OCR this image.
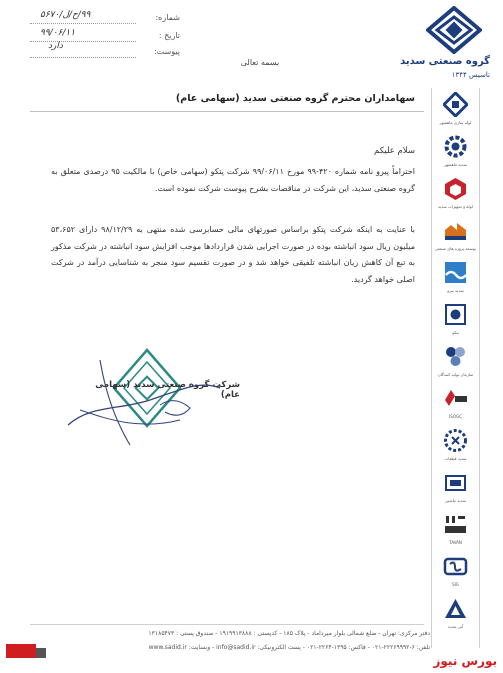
شماره:
۹۹/ح/ل/۵۶۷۰
تاریخ :
۹۹/۰۶/۱۱
پیوست:
دارد
بسمه تعالی	گروه صنعتی سدید
تاسیس ۱۳۴۴
لوله سازی ماهشهر
سدید ماهشهر
لوله و تجهیزات سدید
توسعه پروژه های صنعتی
سدید نیرو
پتکو
سازمان تولید کنندگان
ISOGC
سدید قطعات
سدید ماشین
TAVAN
SIG
آتی سدید
سهامداران محترم گروه صنعتی سدید (سهامی عام)
سلام علیکم
احتراماً پیرو نامه شماره ۴۲۰-۹۹ مورخ ۹۹/۰۶/۱۱ شرکت پتکو (سهامی خاص) با مالکیت ۹۵ درصدی متعلق به گروه صنعتی سدید، این شرکت در مناقصات بشرح پیوست شرکت نموده است.
با عنایت به اینکه شرکت پتکو براساس صورتهای مالی حسابرسی شده منتهی به ۹۸/۱۲/۲۹ دارای ۵۳،۶۵۲ میلیون ریال سود انباشته بوده در صورت اجرایی شدن قراردادها موجب افزایش سود انباشته در شرکت مذکور به تبع آن کاهش زیان انباشته تلفیقی خواهد شد و در صورت تقسیم سود منجر به شناسایی درآمد در شرکت اصلی خواهد گردید.
شرکت گروه صنعتی سدید (سهامی عام)
دفتر مرکزی: تهران - ضلع شمالی بلوار میرداماد - پلاک ۱۸۵ - کدپستی : ۱۹۱۹۹۱۳۸۸۸ - صندوق پستی : ۱۳۱۸۵۴۷۳
تلفن: ۶-۲۲۲۶۹۹۹۲-۰۲۱ - فاکس: ۱۳۹۵-۲۲۶۴-۰۲۱ - پست الکترونیکی: info@sadid.ir - وبسایت: www.sadid.ir
بورس نیوز
